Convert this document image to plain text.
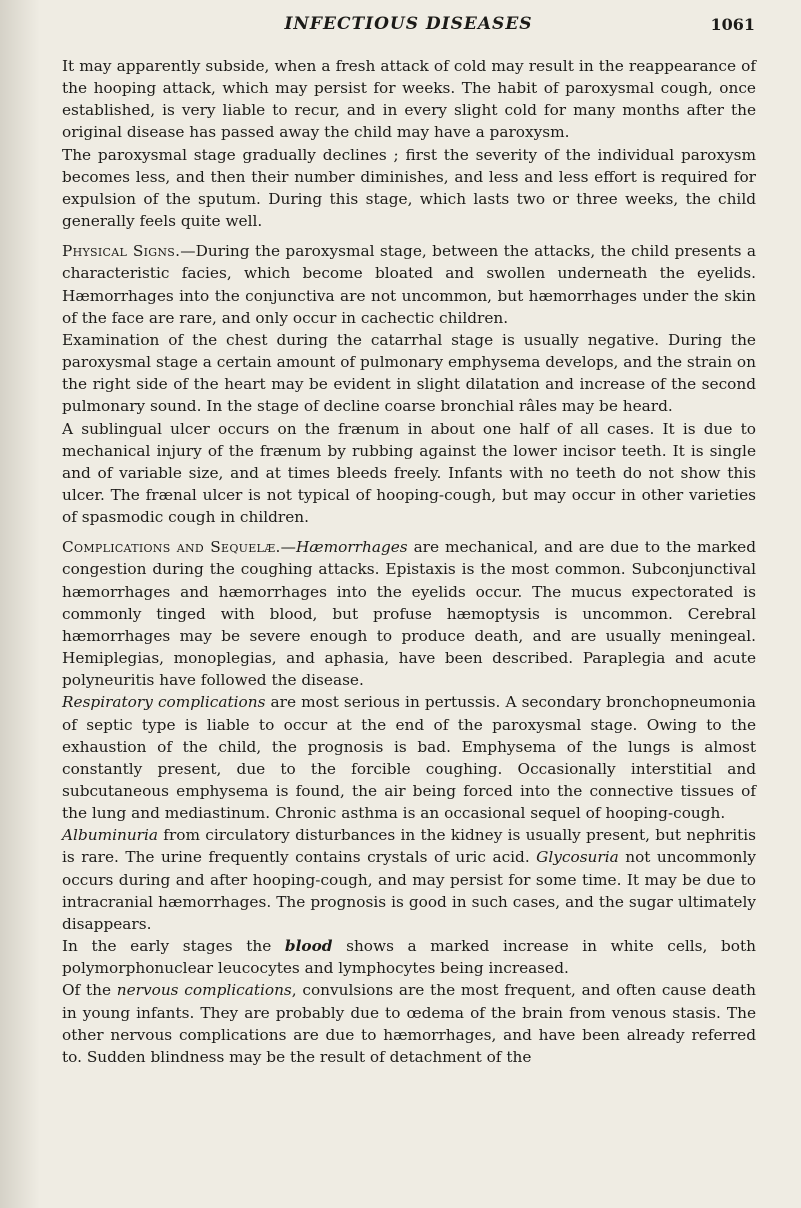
INFECTIOUS DISEASES	1061

It may apparently subside, when a fresh attack of cold may result in the reappearance of the hooping attack, which may persist for weeks. The habit of paroxysmal cough, once established, is very liable to recur, and in every slight cold for many months after the original disease has passed away the child may have a paroxysm.

The paroxysmal stage gradually declines ; first the severity of the individual paroxysm becomes less, and then their number diminishes, and less and less effort is required for expulsion of the sputum. During this stage, which lasts two or three weeks, the child generally feels quite well.

Physical Signs.—During the paroxysmal stage, between the attacks, the child presents a characteristic facies, which become bloated and swollen underneath the eyelids. Hæmorrhages into the conjunctiva are not uncommon, but hæmorrhages under the skin of the face are rare, and only occur in cachectic children.

Examination of the chest during the catarrhal stage is usually negative. During the paroxysmal stage a certain amount of pulmonary emphysema develops, and the strain on the right side of the heart may be evident in slight dilatation and increase of the second pulmonary sound. In the stage of decline coarse bronchial râles may be heard.

A sublingual ulcer occurs on the frænum in about one half of all cases. It is due to mechanical injury of the frænum by rubbing against the lower incisor teeth. It is single and of variable size, and at times bleeds freely. Infants with no teeth do not show this ulcer. The frænal ulcer is not typical of hooping-cough, but may occur in other varieties of spasmodic cough in children.

Complications and Sequelæ.—Hæmorrhages are mechanical, and are due to the marked congestion during the coughing attacks. Epistaxis is the most common. Subconjunctival hæmorrhages and hæmorrhages into the eyelids occur. The mucus expectorated is commonly tinged with blood, but profuse hæmoptysis is uncommon. Cerebral hæmorrhages may be severe enough to produce death, and are usually meningeal. Hemiplegias, monoplegias, and aphasia, have been described. Paraplegia and acute polyneuritis have followed the disease.

Respiratory complications are most serious in pertussis. A secondary bronchopneumonia of septic type is liable to occur at the end of the paroxysmal stage. Owing to the exhaustion of the child, the prognosis is bad. Emphysema of the lungs is almost constantly present, due to the forcible coughing. Occasionally interstitial and subcutaneous emphysema is found, the air being forced into the connective tissues of the lung and mediastinum. Chronic asthma is an occasional sequel of hooping-cough.

Albuminuria from circulatory disturbances in the kidney is usually present, but nephritis is rare. The urine frequently contains crystals of uric acid. Glycosuria not uncommonly occurs during and after hooping-cough, and may persist for some time. It may be due to intracranial hæmorrhages. The prognosis is good in such cases, and the sugar ultimately disappears.

In the early stages the blood shows a marked increase in white cells, both polymorphonuclear leucocytes and lymphocytes being increased.

Of the nervous complications, convulsions are the most frequent, and often cause death in young infants. They are probably due to œdema of the brain from venous stasis. The other nervous complications are due to hæmorrhages, and have been already referred to. Sudden blindness may be the result of detachment of the
